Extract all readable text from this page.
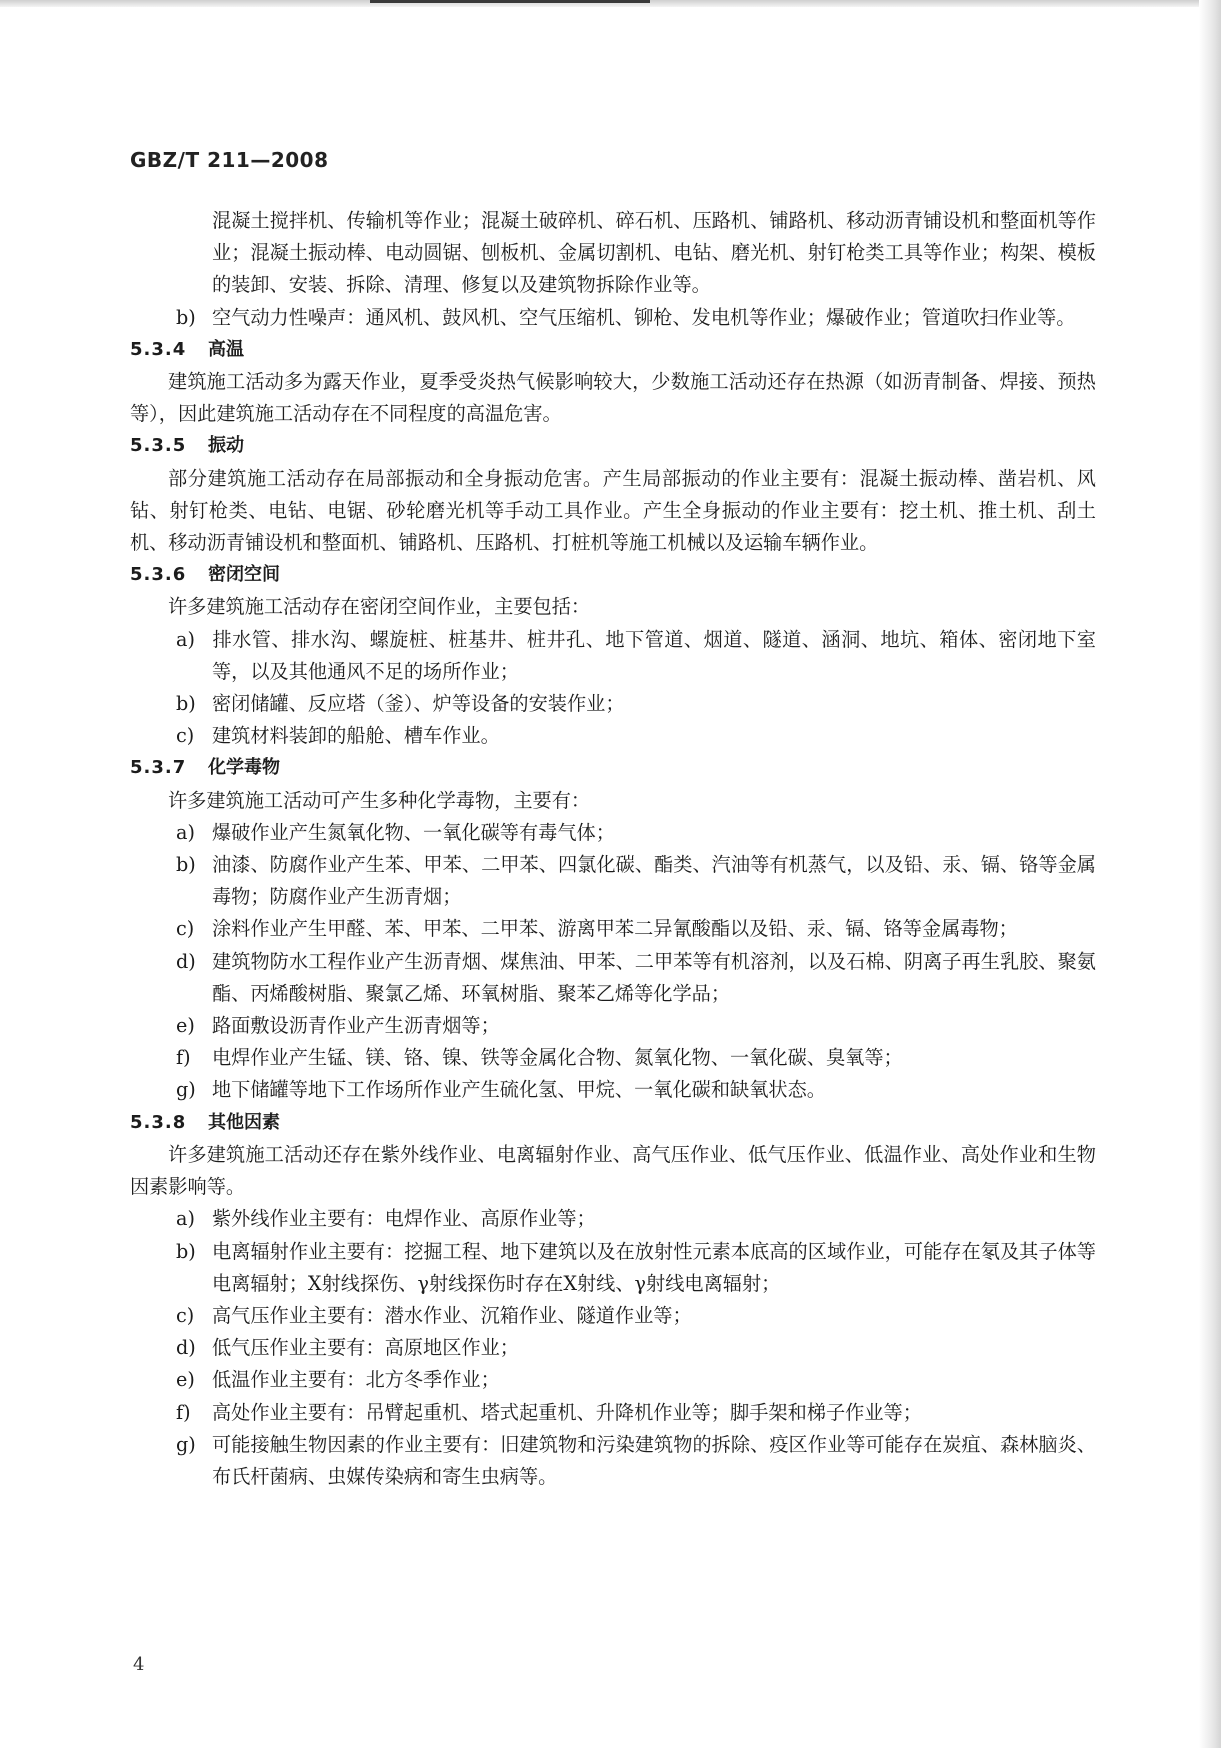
GBZ/T 211—2008

混凝土搅拌机、传输机等作业；混凝土破碎机、碎石机、压路机、铺路机、移动沥青铺设机和整面机等作业；混凝土振动棒、电动圆锯、刨板机、金属切割机、电钻、磨光机、射钉枪类工具等作业；构架、模板的装卸、安装、拆除、清理、修复以及建筑物拆除作业等。

b) 空气动力性噪声：通风机、鼓风机、空气压缩机、铆枪、发电机等作业；爆破作业；管道吹扫作业等。

5.3.4 高温

建筑施工活动多为露天作业，夏季受炎热气候影响较大，少数施工活动还存在热源（如沥青制备、焊接、预热等），因此建筑施工活动存在不同程度的高温危害。

5.3.5 振动

部分建筑施工活动存在局部振动和全身振动危害。产生局部振动的作业主要有：混凝土振动棒、凿岩机、风钻、射钉枪类、电钻、电锯、砂轮磨光机等手动工具作业。产生全身振动的作业主要有：挖土机、推土机、刮土机、移动沥青铺设机和整面机、铺路机、压路机、打桩机等施工机械以及运输车辆作业。

5.3.6 密闭空间

许多建筑施工活动存在密闭空间作业，主要包括：

a) 排水管、排水沟、螺旋桩、桩基井、桩井孔、地下管道、烟道、隧道、涵洞、地坑、箱体、密闭地下室等，以及其他通风不足的场所作业；

b) 密闭储罐、反应塔（釜）、炉等设备的安装作业；

c) 建筑材料装卸的船舱、槽车作业。

5.3.7 化学毒物

许多建筑施工活动可产生多种化学毒物，主要有：

a) 爆破作业产生氮氧化物、一氧化碳等有毒气体；

b) 油漆、防腐作业产生苯、甲苯、二甲苯、四氯化碳、酯类、汽油等有机蒸气，以及铅、汞、镉、铬等金属毒物；防腐作业产生沥青烟；

c) 涂料作业产生甲醛、苯、甲苯、二甲苯、游离甲苯二异氰酸酯以及铅、汞、镉、铬等金属毒物；

d) 建筑物防水工程作业产生沥青烟、煤焦油、甲苯、二甲苯等有机溶剂，以及石棉、阴离子再生乳胶、聚氨酯、丙烯酸树脂、聚氯乙烯、环氧树脂、聚苯乙烯等化学品；

e) 路面敷设沥青作业产生沥青烟等；

f) 电焊作业产生锰、镁、铬、镍、铁等金属化合物、氮氧化物、一氧化碳、臭氧等；

g) 地下储罐等地下工作场所作业产生硫化氢、甲烷、一氧化碳和缺氧状态。

5.3.8 其他因素

许多建筑施工活动还存在紫外线作业、电离辐射作业、高气压作业、低气压作业、低温作业、高处作业和生物因素影响等。

a) 紫外线作业主要有：电焊作业、高原作业等；

b) 电离辐射作业主要有：挖掘工程、地下建筑以及在放射性元素本底高的区域作业，可能存在氡及其子体等电离辐射；X射线探伤、γ射线探伤时存在X射线、γ射线电离辐射；

c) 高气压作业主要有：潜水作业、沉箱作业、隧道作业等；

d) 低气压作业主要有：高原地区作业；

e) 低温作业主要有：北方冬季作业；

f) 高处作业主要有：吊臂起重机、塔式起重机、升降机作业等；脚手架和梯子作业等；

g) 可能接触生物因素的作业主要有：旧建筑物和污染建筑物的拆除、疫区作业等可能存在炭疽、森林脑炎、布氏杆菌病、虫媒传染病和寄生虫病等。

4
